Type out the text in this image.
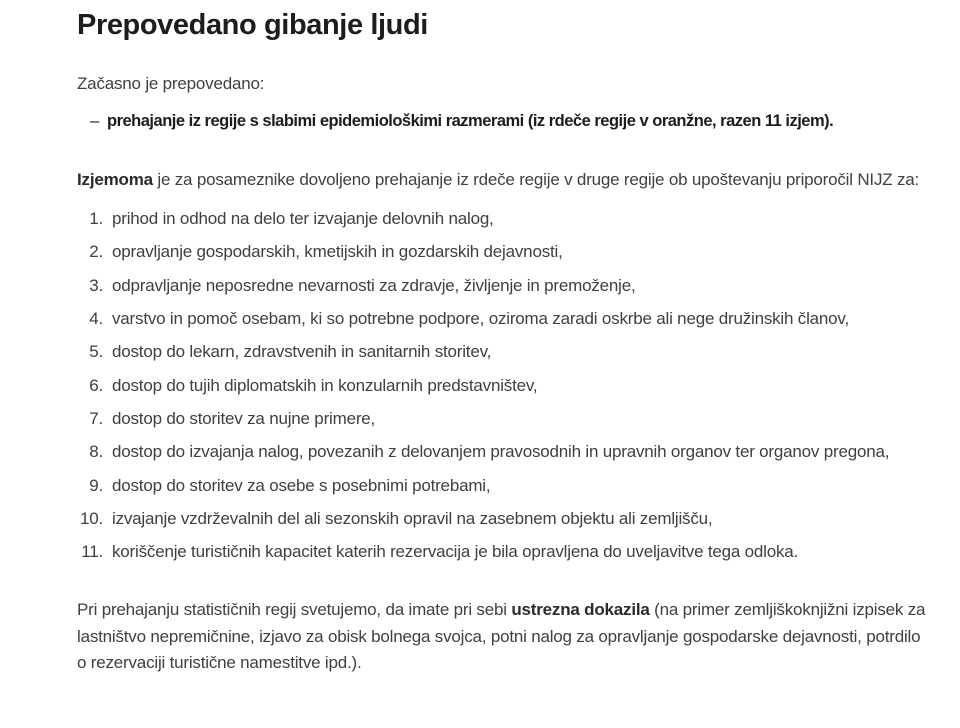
Prepovedano gibanje ljudi

Začasno je prepovedano:

– prehajanje iz regije s slabimi epidemiološkimi razmerami (iz rdeče regije v oranžne, razen 11 izjem).

Izjemoma je za posameznike dovoljeno prehajanje iz rdeče regije v druge regije ob upoštevanju priporočil NIJZ za:

1. prihod in odhod na delo ter izvajanje delovnih nalog,
2. opravljanje gospodarskih, kmetijskih in gozdarskih dejavnosti,
3. odpravljanje neposredne nevarnosti za zdravje, življenje in premoženje,
4. varstvo in pomoč osebam, ki so potrebne podpore, oziroma zaradi oskrbe ali nege družinskih članov,
5. dostop do lekarn, zdravstvenih in sanitarnih storitev,
6. dostop do tujih diplomatskih in konzularnih predstavništev,
7. dostop do storitev za nujne primere,
8. dostop do izvajanja nalog, povezanih z delovanjem pravosodnih in upravnih organov ter organov pregona,
9. dostop do storitev za osebe s posebnimi potrebami,
10. izvajanje vzdrževalnih del ali sezonskih opravil na zasebnem objektu ali zemljišču,
11. koriščenje turističnih kapacitet katerih rezervacija je bila opravljena do uveljavitve tega odloka.

Pri prehajanju statističnih regij svetujemo, da imate pri sebi ustrezna dokazila (na primer zemljiškoknjižni izpisek za lastništvo nepremičnine, izjavo za obisk bolnega svojca, potni nalog za opravljanje gospodarske dejavnosti, potrdilo o rezervaciji turistične namestitve ipd.).
